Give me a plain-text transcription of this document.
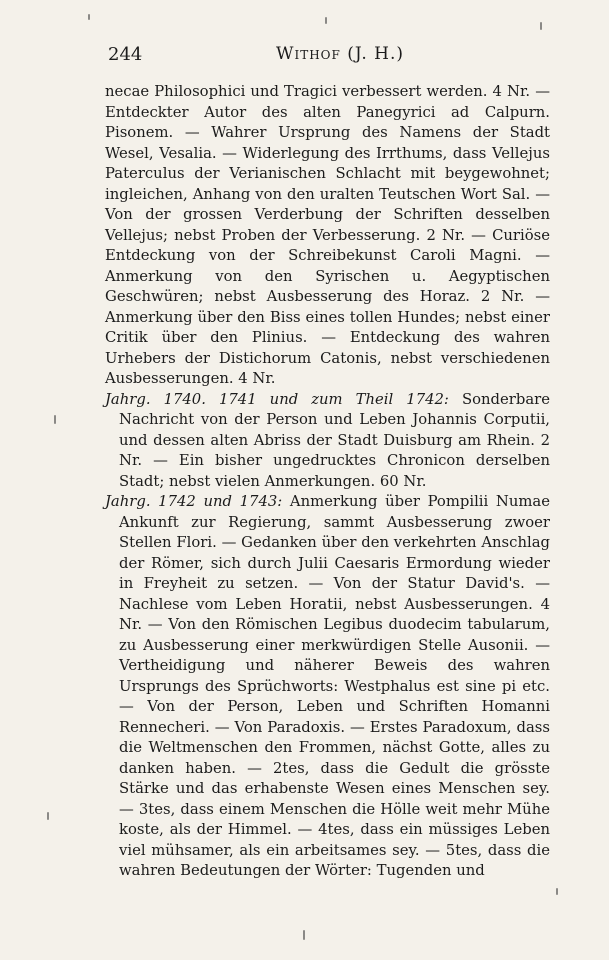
244	Withof (J. H.)

necae Philosophici und Tragici verbessert werden. 4 Nr. — Entdeckter Autor des alten Panegyrici ad Calpurn. Pisonem. — Wahrer Ursprung des Namens der Stadt Wesel, Vesalia. — Widerlegung des Irrthums, dass Vellejus Paterculus der Verianischen Schlacht mit beygewohnet; ingleichen, Anhang von den uralten Teutschen Wort Sal. — Von der grossen Verderbung der Schriften desselben Vellejus; nebst Proben der Verbesserung. 2 Nr. — Curiöse Entdeckung von der Schreibekunst Caroli Magni. — Anmerkung von den Syrischen u. Aegyptischen Geschwüren; nebst Ausbesserung des Horaz. 2 Nr. — Anmerkung über den Biss eines tollen Hundes; nebst einer Critik über den Plinius. — Entdeckung des wahren Urhebers der Distichorum Catonis, nebst verschiedenen Ausbesserungen. 4 Nr.

Jahrg. 1740. 1741 und zum Theil 1742: Sonderbare Nachricht von der Person und Leben Johannis Corputii, und dessen alten Abriss der Stadt Duisburg am Rhein. 2 Nr. — Ein bisher ungedrucktes Chronicon derselben Stadt; nebst vielen Anmerkungen. 60 Nr.

Jahrg. 1742 und 1743: Anmerkung über Pompilii Numae Ankunft zur Regierung, sammt Ausbesserung zwoer Stellen Flori. — Gedanken über den verkehrten Anschlag der Römer, sich durch Julii Caesaris Ermordung wieder in Freyheit zu setzen. — Von der Statur David's. — Nachlese vom Leben Horatii, nebst Ausbesserungen. 4 Nr. — Von den Römischen Legibus duodecim tabularum, zu Ausbesserung einer merkwürdigen Stelle Ausonii. — Vertheidigung und näherer Beweis des wahren Ursprungs des Sprüchworts: Westphalus est sine pi etc. — Von der Person, Leben und Schriften Homanni Rennecheri. — Von Paradoxis. — Erstes Paradoxum, dass die Weltmenschen den Frommen, nächst Gotte, alles zu danken haben. — 2tes, dass die Gedult die grösste Stärke und das erhabenste Wesen eines Menschen sey. — 3tes, dass einem Menschen die Hölle weit mehr Mühe koste, als der Himmel. — 4tes, dass ein müssiges Leben viel mühsamer, als ein arbeitsames sey. — 5tes, dass die wahren Bedeutungen der Wörter: Tugenden und
